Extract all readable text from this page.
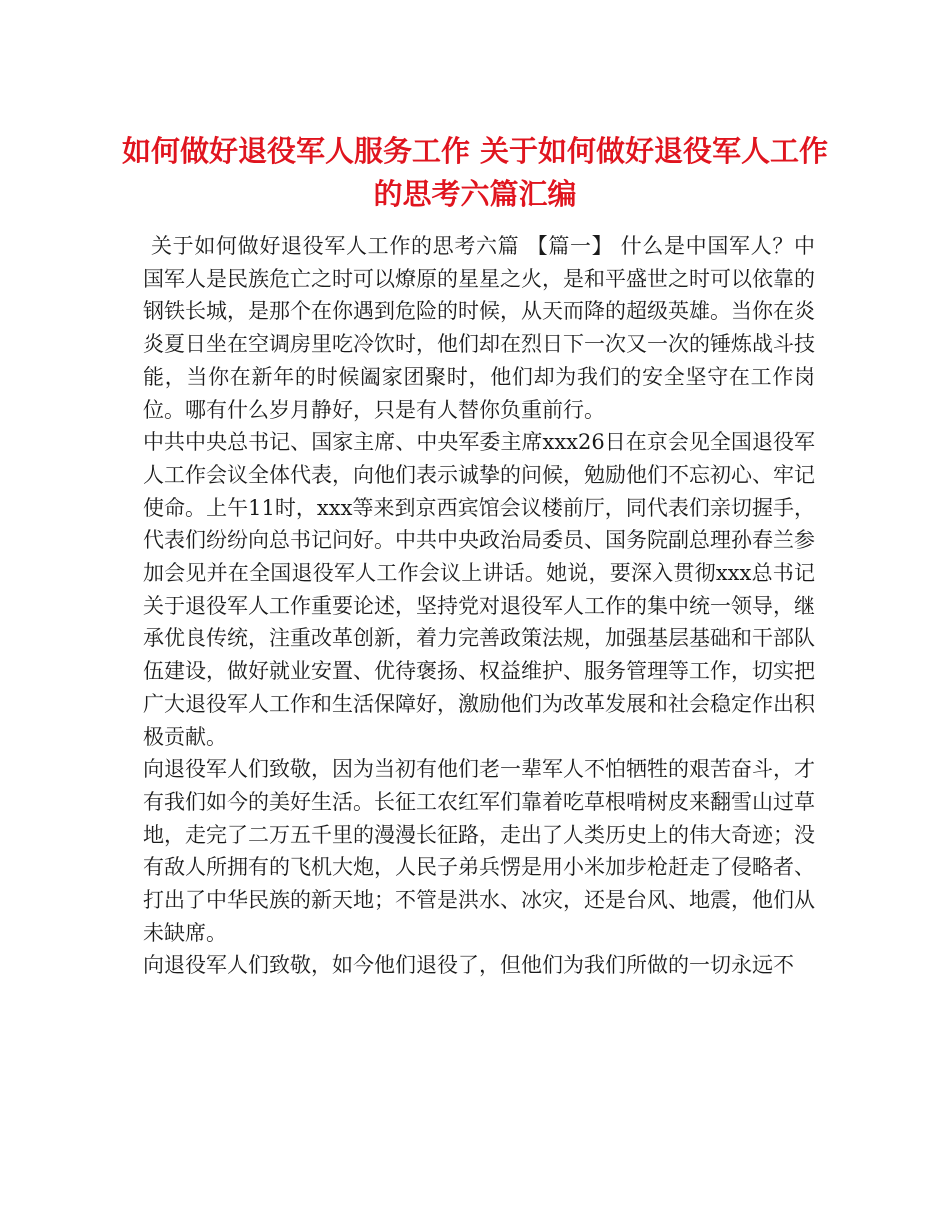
如何做好退役军人服务工作 关于如何做好退役军人工作的思考六篇汇编

关于如何做好退役军人工作的思考六篇 【篇一】 什么是中国军人？中国军人是民族危亡之时可以燎原的星星之火，是和平盛世之时可以依靠的钢铁长城，是那个在你遇到危险的时候，从天而降的超级英雄。当你在炎炎夏日坐在空调房里吃冷饮时，他们却在烈日下一次又一次的锤炼战斗技能，当你在新年的时候阖家团聚时，他们却为我们的安全坚守在工作岗位。哪有什么岁月静好，只是有人替你负重前行。

中共中央总书记、国家主席、中央军委主席xxx26日在京会见全国退役军人工作会议全体代表，向他们表示诚挚的问候，勉励他们不忘初心、牢记使命。上午11时，xxx等来到京西宾馆会议楼前厅，同代表们亲切握手，代表们纷纷向总书记问好。中共中央政治局委员、国务院副总理孙春兰参加会见并在全国退役军人工作会议上讲话。她说，要深入贯彻xxx总书记关于退役军人工作重要论述，坚持党对退役军人工作的集中统一领导，继承优良传统，注重改革创新，着力完善政策法规，加强基层基础和干部队伍建设，做好就业安置、优待褒扬、权益维护、服务管理等工作，切实把广大退役军人工作和生活保障好，激励他们为改革发展和社会稳定作出积极贡献。

向退役军人们致敬，因为当初有他们老一辈军人不怕牺牲的艰苦奋斗，才有我们如今的美好生活。长征工农红军们靠着吃草根啃树皮来翻雪山过草地，走完了二万五千里的漫漫长征路，走出了人类历史上的伟大奇迹；没有敌人所拥有的飞机大炮，人民子弟兵愣是用小米加步枪赶走了侵略者、打出了中华民族的新天地；不管是洪水、冰灾，还是台风、地震，他们从未缺席。

向退役军人们致敬，如今他们退役了，但他们为我们所做的一切永远不
